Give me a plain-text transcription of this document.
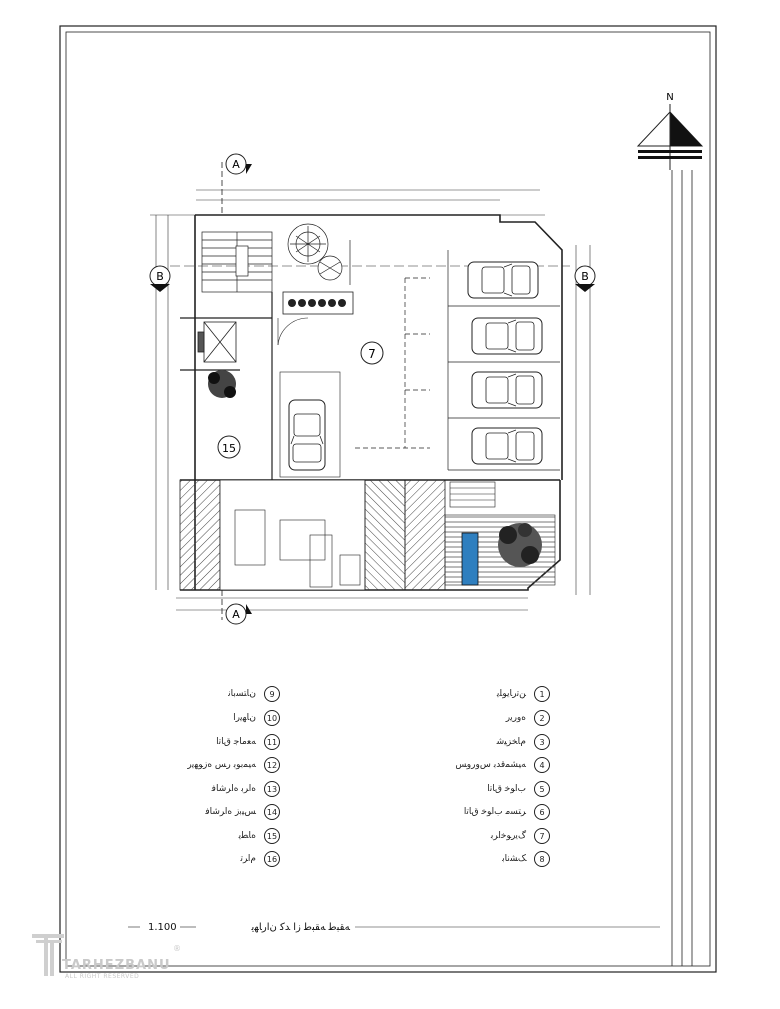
N
A
A
B	B
7
15
ﻥﺎﺘﺴﺑﺎﻧ	9
ﻥﺎﻬﻳﺭﺍ	10
ﻪﻌﻣﺎﺟ ﻕﺎﺗﺍ	11
ﻪﻴﻤﺑﻮﺑ ﺭﺲ ﻩﺯﻮﻬﻳﺭ	12
ﻩﺍﺮﺑ ﻩﺍﺮﺷﺎﻓ	13
ﺲﻴﺑﺯ ﻩﺍﺮﺷﺎﻓ	14
ﻩﺎﻄﻳ	15
ﻡﺍﺮﺗ	16
ﻦﺗﺭﺎﻳﻮﻠﻳ	1
ﻩﻭﺭﻳﺭ	2
ﻡﺎﺨﺰﻴﺷ	3
ﻪﻴﺸﻤﻗﺪﺑ ﺱﻭﺭﻭﺲ	4
ﺏﺍﻮﺧ ﻕﺎﺗﺍ	5
ﺮﺘﺴﻣ ﺏﺍﻮﺧ ﻕﺎﺗﺍ	6
ﮒﻳﺭﻮﺧﺍﺮﺑ	7
ﮏﺸﻧﺎﺑ	8
1.100	ﻪﻘﺒﻃ ﻪﻘﺒﻃ ﺯﺍ ﺪﻛ ﻥﺍﺭﺎﻬﻳ
TARHEZBANU
ALL RIGHT RESERVED
®
